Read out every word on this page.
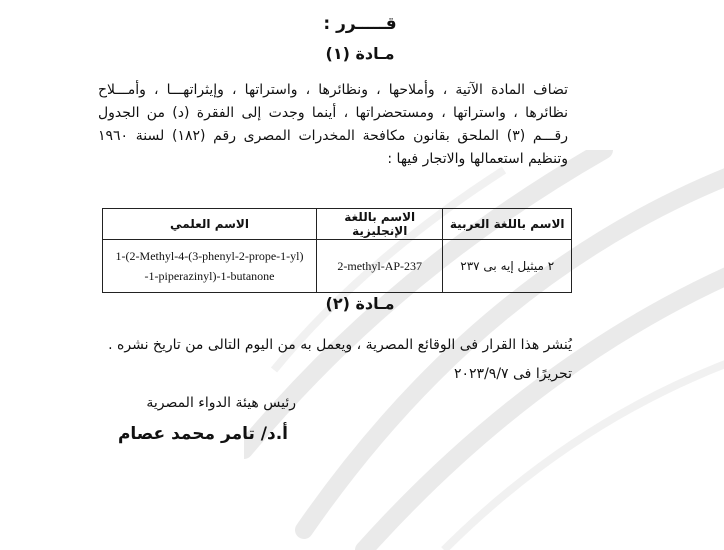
قـــــرر :
مـادة (١)
تضاف المادة الآتية ، وأملاحها ، ونظائرها ، واستراتها ، وإيثراتهـــا ، وأمـــلاح نظائرها ، واستراتها ، ومستحضراتها ، أينما وجدت إلى الفقرة (د) من الجدول رقـــم (٣) الملحق بقانون مكافحة المخدرات المصرى رقم (١٨٢) لسنة ١٩٦٠ وتنظيم استعمالها والاتجار فيها :
الاسم باللغة العربية	الاسم باللغة الإنجليزية	الاسم العلمي
٢ ميثيل إيه بى ٢٣٧	2-methyl-AP-237	1-(2-Methyl-4-(3-phenyl-2-prope-1-yl)
-1-piperazinyl)-1-butanone
مـادة (٢)
يُنشر هذا القرار فى الوقائع المصرية ، ويعمل به من اليوم التالى من تاريخ نشره .
تحريرًا فى ٢٠٢٣/٩/٧
رئيس هيئة الدواء المصرية
أ.د/ تامر محمد عصام
